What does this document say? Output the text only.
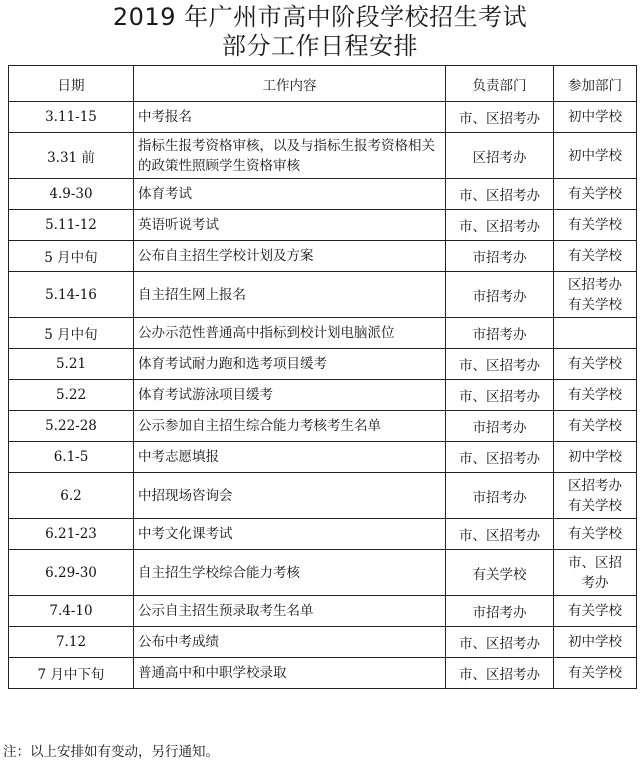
2019 年广州市高中阶段学校招生考试
部分工作日程安排
日期	工作内容	负责部门	参加部门
3.11-15	中考报名	市、区招考办	初中学校

3.31 前	指标生报考资格审核，以及与指标生报考资格相关的政策性照顾学生资格审核	区招考办	初中学校

4.9-30	体育考试	市、区招考办	有关学校

5.11-12	英语听说考试	市、区招考办	有关学校

5 月中旬	公布自主招生学校计划及方案	市招考办	有关学校

5.14-16	自主招生网上报名	市招考办	区招考办
有关学校

5 月中旬	公办示范性普通高中指标到校计划电脑派位	市招考办	
5.21	体育考试耐力跑和选考项目缓考	市、区招考办	有关学校

5.22	体育考试游泳项目缓考	市、区招考办	有关学校

5.22-28	公示参加自主招生综合能力考核考生名单	市招考办	有关学校

6.1-5	中考志愿填报	市、区招考办	初中学校

6.2	中招现场咨询会	市招考办	区招考办
有关学校

6.21-23	中考文化课考试	市、区招考办	有关学校

6.29-30	自主招生学校综合能力考核	有关学校	市、区招
考办

7.4-10	公示自主招生预录取考生名单	市招考办	有关学校

7.12	公布中考成绩	市、区招考办	初中学校

7 月中下旬	普通高中和中职学校录取	市、区招考办	有关学校
注：以上安排如有变动，另行通知。
